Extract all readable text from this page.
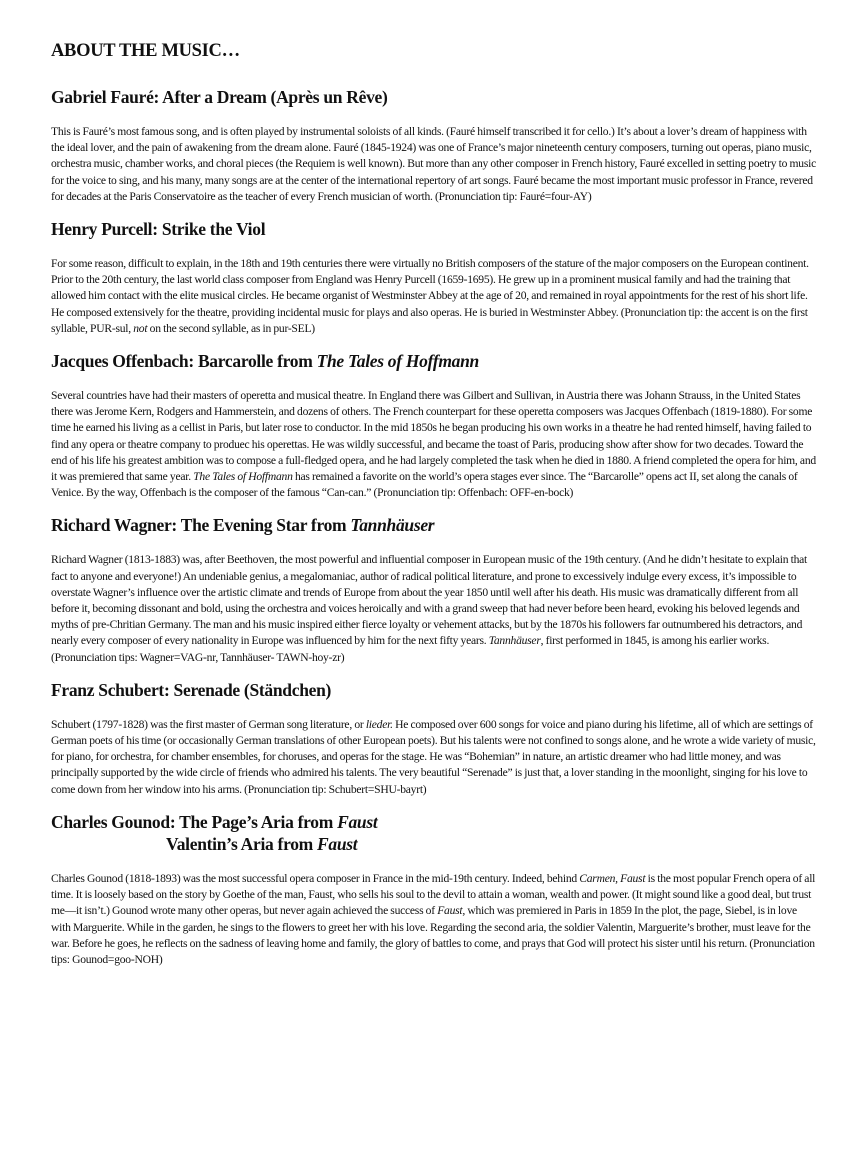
ABOUT THE MUSIC…
Gabriel Fauré: After a Dream (Après un Rêve)

This is Fauré’s most famous song, and is often played by instrumental soloists of all kinds. (Fauré himself transcribed it for cello.) It’s about a lover’s dream of happiness with the ideal lover, and the pain of awakening from the dream alone. Fauré (1845-1924) was one of France’s major nineteenth century composers, turning out operas, piano music, orchestra music, chamber works, and choral pieces (the Requiem is well known). But more than any other composer in French history, Fauré excelled in setting poetry to music for the voice to sing, and his many, many songs are at the center of the international repertory of art songs. Fauré became the most important music professor in France, revered for decades at the Paris Conservatoire as the teacher of every French musician of worth. (Pronunciation tip: Fauré=four-AY)

Henry Purcell: Strike the Viol

For some reason, difficult to explain, in the 18th and 19th centuries there were virtually no British composers of the stature of the major composers on the European continent. Prior to the 20th century, the last world class composer from England was Henry Purcell (1659-1695). He grew up in a prominent musical family and had the training that allowed him contact with the elite musical circles. He became organist of Westminster Abbey at the age of 20, and remained in royal appointments for the rest of his short life. He composed extensively for the theatre, providing incidental music for plays and also operas. He is buried in Westminster Abbey. (Pronunciation tip: the accent is on the first syllable, PUR-sul, not on the second syllable, as in pur-SEL)

Jacques Offenbach: Barcarolle from The Tales of Hoffmann

Several countries have had their masters of operetta and musical theatre. In England there was Gilbert and Sullivan, in Austria there was Johann Strauss, in the United States there was Jerome Kern, Rodgers and Hammerstein, and dozens of others. The French counterpart for these operetta composers was Jacques Offenbach (1819-1880). For some time he earned his living as a cellist in Paris, but later rose to conductor. In the mid 1850s he began producing his own works in a theatre he had rented himself, having failed to find any opera or theatre company to produec his operettas. He was wildly successful, and became the toast of Paris, producing show after show for two decades. Toward the end of his life his greatest ambition was to compose a full-fledged opera, and he had largely completed the task when he died in 1880. A friend completed the opera for him, and it was premiered that same year. The Tales of Hoffmann has remained a favorite on the world’s opera stages ever since. The “Barcarolle” opens act II, set along the canals of Venice. By the way, Offenbach is the composer of the famous “Can-can.” (Pronunciation tip: Offenbach: OFF-en-bock)

Richard Wagner: The Evening Star from Tannhäuser

Richard Wagner (1813-1883) was, after Beethoven, the most powerful and influential composer in European music of the 19th century. (And he didn’t hesitate to explain that fact to anyone and everyone!) An undeniable genius, a megalomaniac, author of radical political literature, and prone to excessively indulge every excess, it’s impossible to overstate Wagner’s influence over the artistic climate and trends of Europe from about the year 1850 until well after his death. His music was dramatically different from all before it, becoming dissonant and bold, using the orchestra and voices heroically and with a grand sweep that had never before been heard, evoking his beloved legends and myths of pre-Chritian Germany. The man and his music inspired either fierce loyalty or vehement attacks, but by the 1870s his followers far outnumbered his detractors, and nearly every composer of every nationality in Europe was influenced by him for the next fifty years. Tannhäuser, first performed in 1845, is among his earlier works. (Pronunciation tips: Wagner=VAG-nr, Tannhäuser- TAWN-hoy-zr)

Franz Schubert: Serenade (Ständchen)

Schubert (1797-1828) was the first master of German song literature, or lieder. He composed over 600 songs for voice and piano during his lifetime, all of which are settings of German poets of his time (or occasionally German translations of other European poets). But his talents were not confined to songs alone, and he wrote a wide variety of music, for piano, for orchestra, for chamber ensembles, for choruses, and operas for the stage. He was “Bohemian” in nature, an artistic dreamer who had little money, and was principally supported by the wide circle of friends who admired his talents. The very beautiful “Serenade” is just that, a lover standing in the moonlight, singing for his love to come down from her window into his arms. (Pronunciation tip: Schubert=SHU-bayrt)

Charles Gounod: The Page’s Aria from Faust
Valentin’s Aria from Faust

Charles Gounod (1818-1893) was the most successful opera composer in France in the mid-19th century. Indeed, behind Carmen, Faust is the most popular French opera of all time. It is loosely based on the story by Goethe of the man, Faust, who sells his soul to the devil to attain a woman, wealth and power. (It might sound like a good deal, but trust me—it isn’t.) Gounod wrote many other operas, but never again achieved the success of Faust, which was premiered in Paris in 1859 In the plot, the page, Siebel, is in love with Marguerite. While in the garden, he sings to the flowers to greet her with his love. Regarding the second aria, the soldier Valentin, Marguerite’s brother, must leave for the war. Before he goes, he reflects on the sadness of leaving home and family, the glory of battles to come, and prays that God will protect his sister until his return. (Pronunciation tips: Gounod=goo-NOH)
